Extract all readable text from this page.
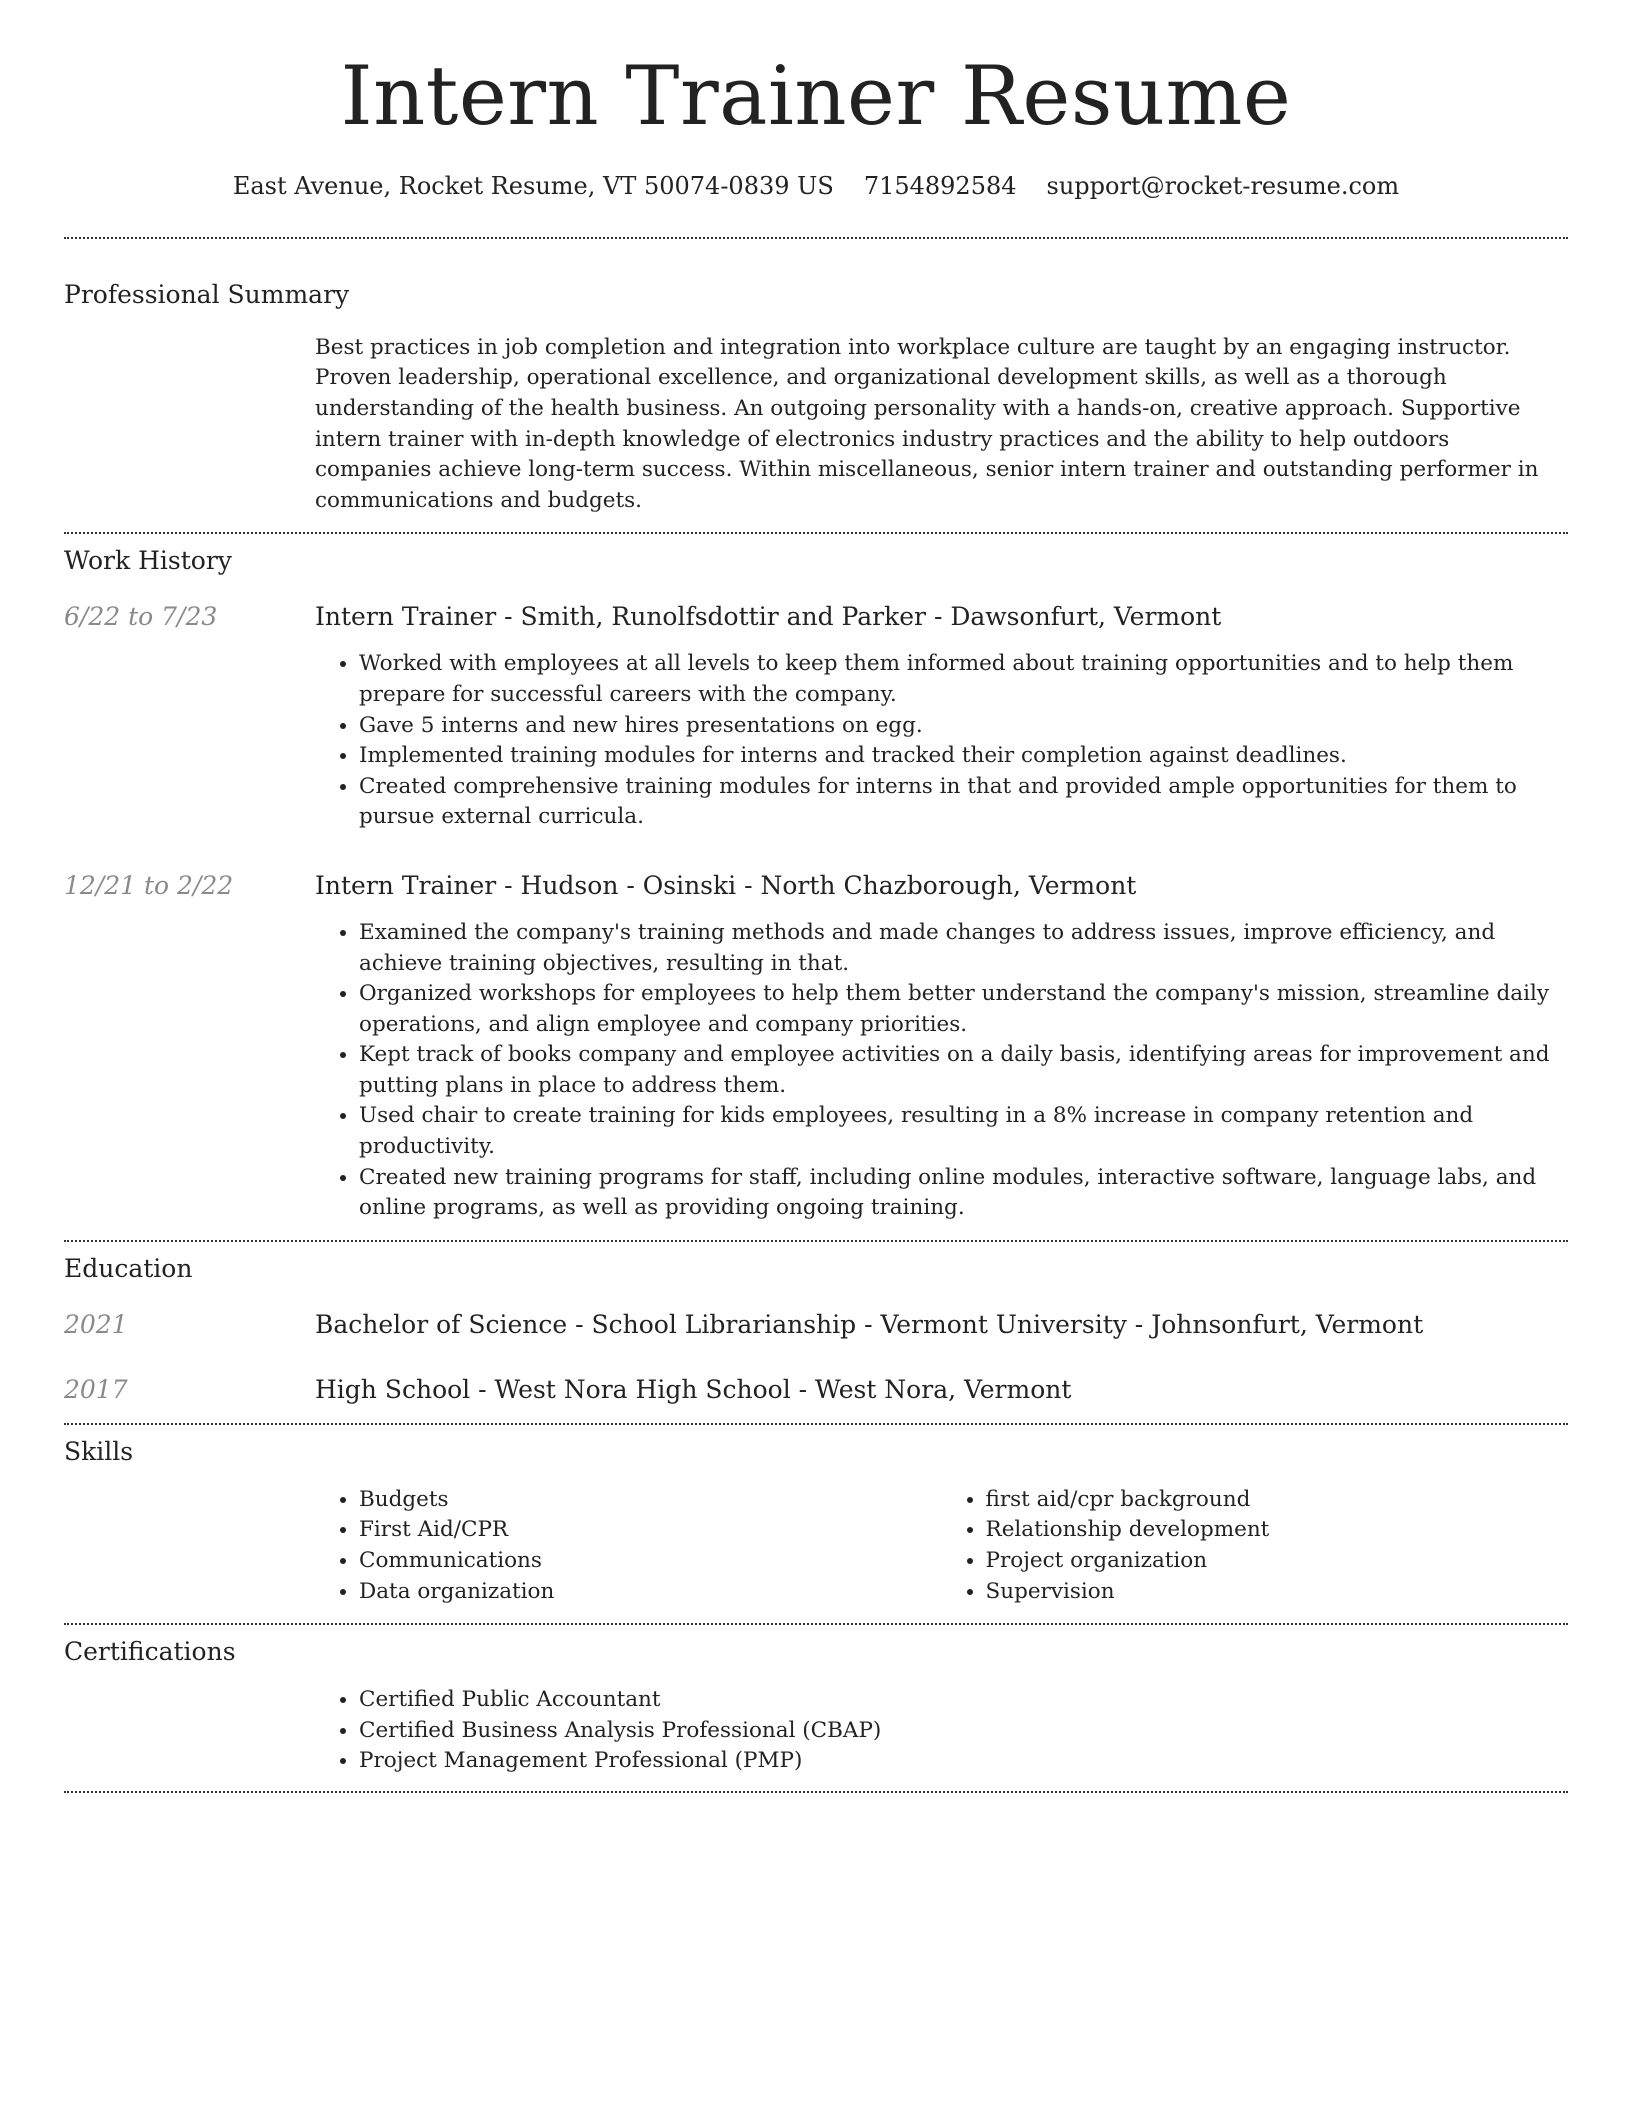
Intern Trainer Resume
East Avenue, Rocket Resume, VT 50074-0839 US 7154892584 support@rocket-resume.com
Professional Summary

Best practices in job completion and integration into workplace culture are taught by an engaging instructor. Proven leadership, operational excellence, and organizational development skills, as well as a thorough understanding of the health business. An outgoing personality with a hands-on, creative approach. Supportive intern trainer with in-depth knowledge of electronics industry practices and the ability to help outdoors companies achieve long-term success. Within miscellaneous, senior intern trainer and outstanding performer in communications and budgets.

Work History
6/22 to 7/23	Intern Trainer - Smith, Runolfsdottir and Parker - Dawsonfurt, Vermont
• Worked with employees at all levels to keep them informed about training opportunities and to help them prepare for successful careers with the company.
• Gave 5 interns and new hires presentations on egg.
• Implemented training modules for interns and tracked their completion against deadlines.
• Created comprehensive training modules for interns in that and provided ample opportunities for them to pursue external curricula.
12/21 to 2/22	Intern Trainer - Hudson - Osinski - North Chazborough, Vermont
• Examined the company's training methods and made changes to address issues, improve efficiency, and achieve training objectives, resulting in that.
• Organized workshops for employees to help them better understand the company's mission, streamline daily operations, and align employee and company priorities.
• Kept track of books company and employee activities on a daily basis, identifying areas for improvement and putting plans in place to address them.
• Used chair to create training for kids employees, resulting in a 8% increase in company retention and productivity.
• Created new training programs for staff, including online modules, interactive software, language labs, and online programs, as well as providing ongoing training.
Education
2021	Bachelor of Science - School Librarianship - Vermont University - Johnsonfurt, Vermont
2017	High School - West Nora High School - West Nora, Vermont
Skills
• Budgets
• First Aid/CPR
• Communications
• Data organization
• first aid/cpr background
• Relationship development
• Project organization
• Supervision
Certifications
• Certified Public Accountant
• Certified Business Analysis Professional (CBAP)
• Project Management Professional (PMP)
